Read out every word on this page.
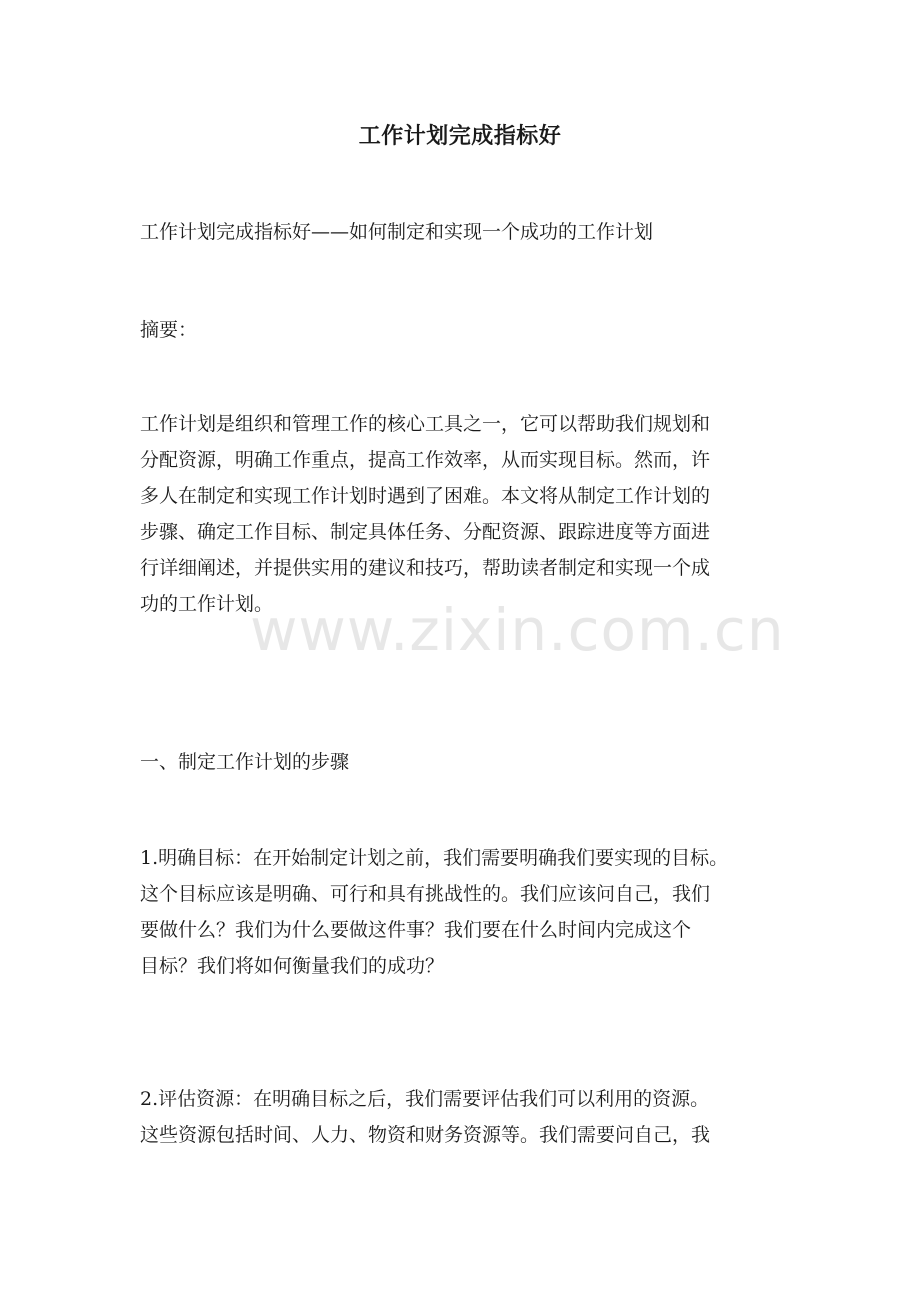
工作计划完成指标好
工作计划完成指标好——如何制定和实现一个成功的工作计划
摘要：
工作计划是组织和管理工作的核心工具之一，它可以帮助我们规划和
分配资源，明确工作重点，提高工作效率，从而实现目标。然而，许
多人在制定和实现工作计划时遇到了困难。本文将从制定工作计划的
步骤、确定工作目标、制定具体任务、分配资源、跟踪进度等方面进
行详细阐述，并提供实用的建议和技巧，帮助读者制定和实现一个成
功的工作计划。
一、制定工作计划的步骤
1.明确目标：在开始制定计划之前，我们需要明确我们要实现的目标。
这个目标应该是明确、可行和具有挑战性的。我们应该问自己，我们
要做什么？我们为什么要做这件事？我们要在什么时间内完成这个
目标？我们将如何衡量我们的成功？
2.评估资源：在明确目标之后，我们需要评估我们可以利用的资源。
这些资源包括时间、人力、物资和财务资源等。我们需要问自己，我
www.zixin.com.cn
